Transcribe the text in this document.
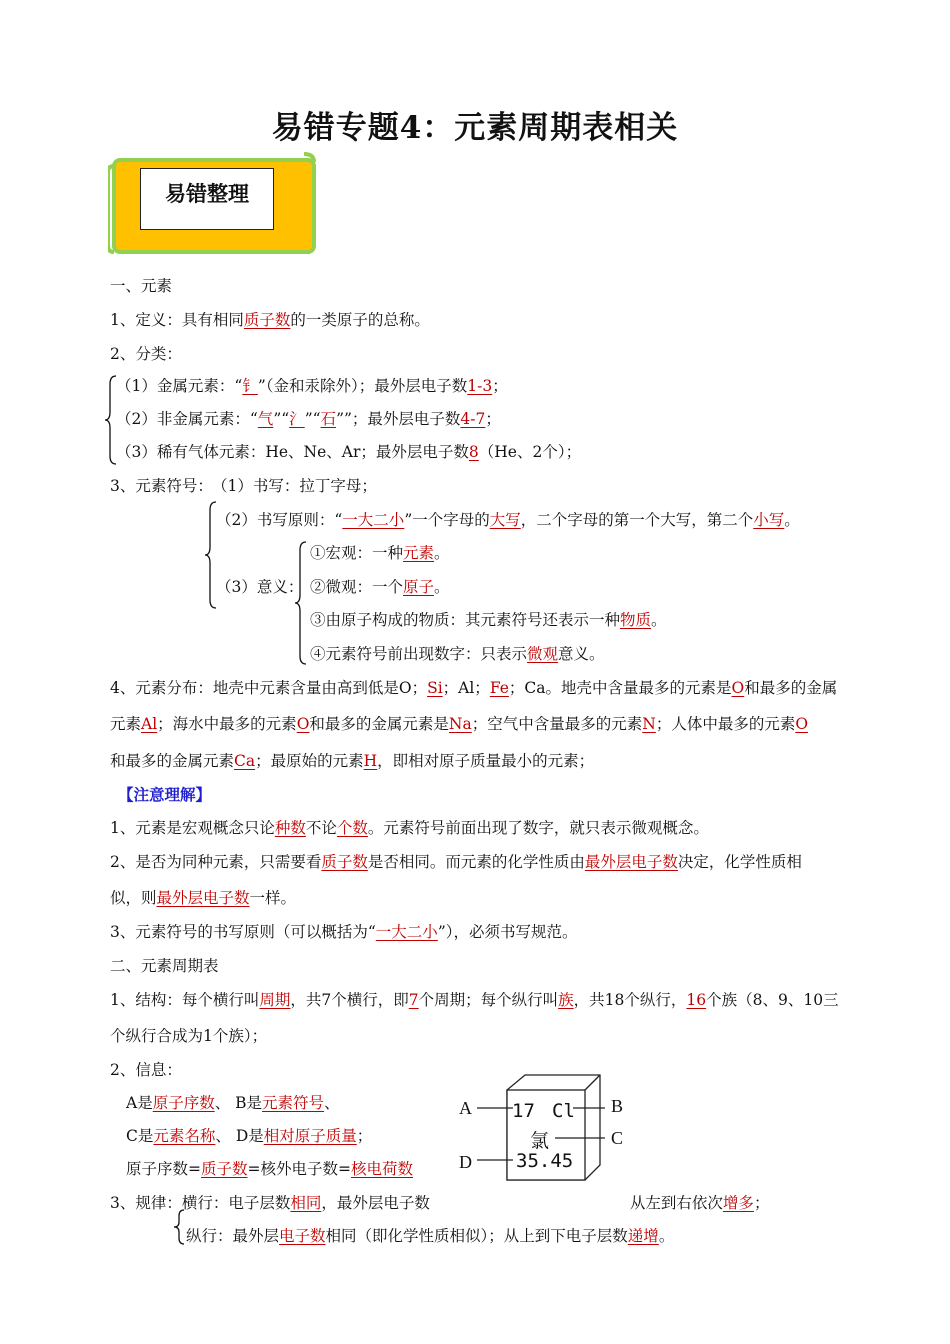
易错专题4：元素周期表相关
易错整理
一、元素
1、定义：具有相同质子数的一类原子的总称。
2、分类：
（1）金属元素：“钅”（金和汞除外）；最外层电子数1-3；
（2）非金属元素：“气”“氵”“石””；最外层电子数4-7；
（3）稀有气体元素：He、Ne、Ar；最外层电子数8（He、2个）；
3、元素符号： （1）书写：拉丁字母；
（2）书写原则：“一大二小”一个字母的大写，二个字母的第一个大写，第二个小写。
（3）意义：
①宏观：一种元素。
②微观：一个原子。
③由原子构成的物质：其元素符号还表示一种物质。
④元素符号前出现数字：只表示微观意义。
4、元素分布：地壳中元素含量由高到低是O；Si；Al；Fe；Ca。地壳中含量最多的元素是O和最多的金属
元素Al；海水中最多的元素O和最多的金属元素是Na；空气中含量最多的元素N；人体中最多的元素O
和最多的金属元素Ca；最原始的元素H，即相对原子质量最小的元素；
【注意理解】
1、元素是宏观概念只论种数不论个数。元素符号前面出现了数字，就只表示微观概念。
2、是否为同种元素，只需要看质子数是否相同。而元素的化学性质由最外层电子数决定，化学性质相
似，则最外层电子数一样。
3、元素符号的书写原则（可以概括为“一大二小”），必须书写规范。
二、元素周期表
1、结构：每个横行叫周期，共7个横行，即7个周期；每个纵行叫族，共18个纵行，16个族（8、9、10三
个纵行合成为1个族）；
2、信息：
A是原子序数、 B是元素符号、
C是元素名称、 D是相对原子质量；
原子序数=质子数=核外电子数=核电荷数
17 Cl
氯
35.45
A	B
C
D
3、规律：横行：电子层数相同，最外层电子数	从左到右依次增多；
纵行：最外层电子数相同（即化学性质相似）；从上到下电子层数递增。
